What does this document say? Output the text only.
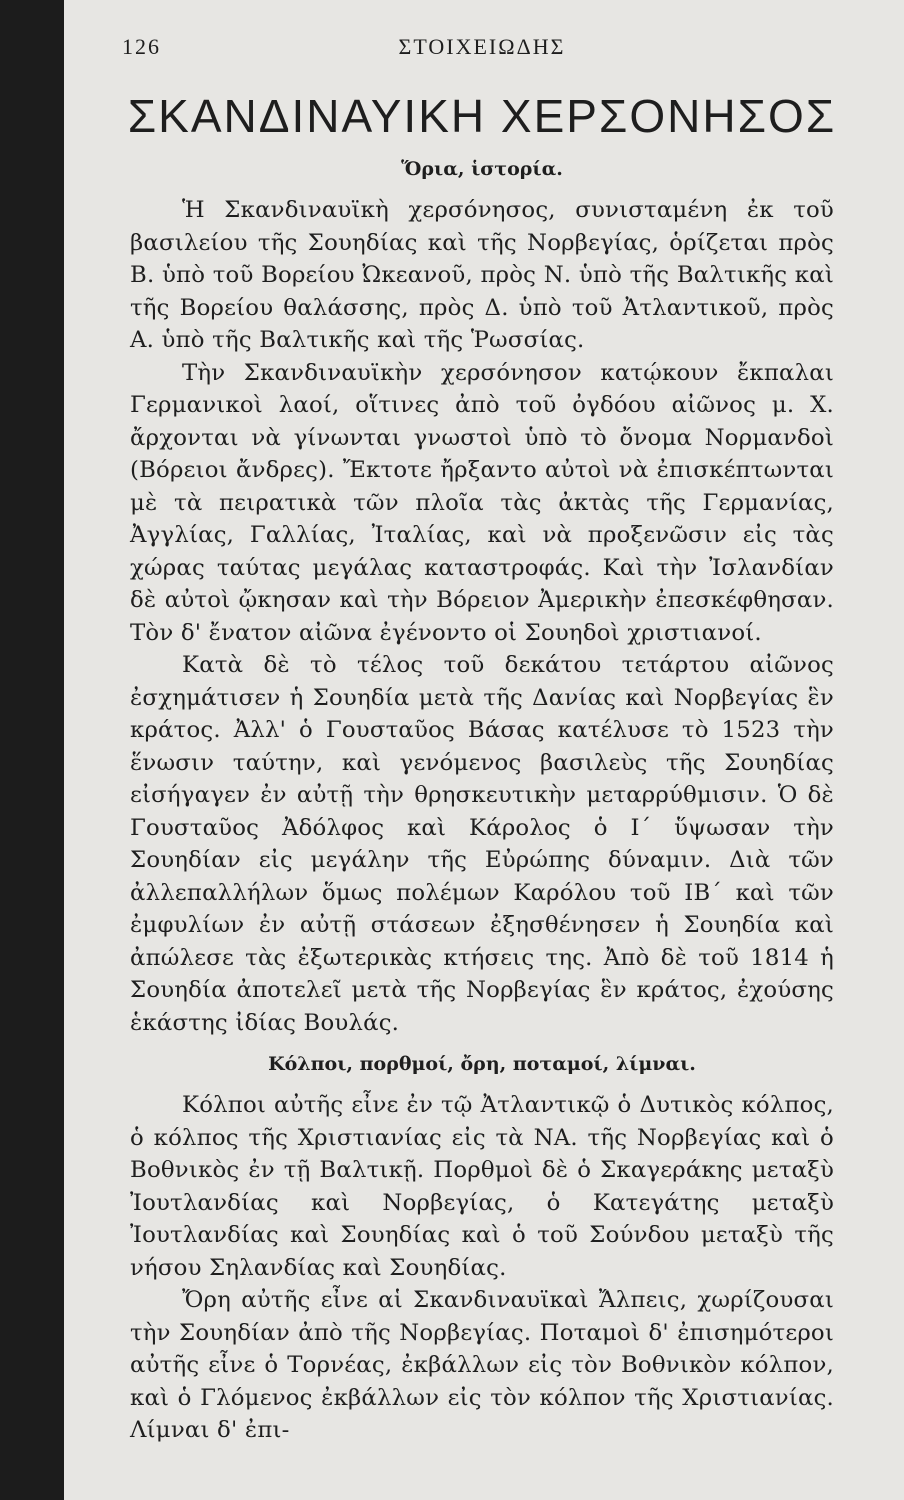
126	ΣΤΟΙΧΕΙΩΔΗΣ
ΣΚΑΝΔΙΝΑΥΙΚΗ ΧΕΡΣΟΝΗΣΟΣ
Ὅρια, ἱστορία.

Ἡ Σκανδιναυϊκὴ χερσόνησος, συνισταμένη ἐκ τοῦ βασιλείου τῆς Σουηδίας καὶ τῆς Νορβεγίας, ὁρίζεται πρὸς Β. ὑπὸ τοῦ Βορείου Ὠκεανοῦ, πρὸς Ν. ὑπὸ τῆς Βαλτικῆς καὶ τῆς Βορείου θαλάσσης, πρὸς Δ. ὑπὸ τοῦ Ἀτλαντικοῦ, πρὸς Α. ὑπὸ τῆς Βαλτικῆς καὶ τῆς Ῥωσσίας.

Τὴν Σκανδιναυϊκὴν χερσόνησον κατῴκουν ἔκπαλαι Γερμανικοὶ λαοί, οἵτινες ἀπὸ τοῦ ὀγδόου αἰῶνος μ. Χ. ἄρχονται νὰ γίνωνται γνωστοὶ ὑπὸ τὸ ὄνομα Νορμανδοὶ (Βόρειοι ἄνδρες). Ἔκτοτε ἤρξαντο αὐτοὶ νὰ ἐπισκέπτωνται μὲ τὰ πειρατικὰ τῶν πλοῖα τὰς ἀκτὰς τῆς Γερμανίας, Ἀγγλίας, Γαλλίας, Ἰταλίας, καὶ νὰ προξενῶσιν εἰς τὰς χώρας ταύτας μεγάλας καταστροφάς. Καὶ τὴν Ἰσλανδίαν δὲ αὐτοὶ ᾤκησαν καὶ τὴν Βόρειον Ἀμερικὴν ἐπεσκέφθησαν. Τὸν δ' ἔνατον αἰῶνα ἐγένοντο οἱ Σουηδοὶ χριστιανοί.

Κατὰ δὲ τὸ τέλος τοῦ δεκάτου τετάρτου αἰῶνος ἐσχημάτισεν ἡ Σουηδία μετὰ τῆς Δανίας καὶ Νορβεγίας ἓν κράτος. Ἀλλ' ὁ Γουσταῦος Βάσας κατέλυσε τὸ 1523 τὴν ἕνωσιν ταύτην, καὶ γενόμενος βασιλεὺς τῆς Σουηδίας εἰσήγαγεν ἐν αὐτῇ τὴν θρησκευτικὴν μεταρρύθμισιν. Ὁ δὲ Γουσταῦος Ἀδόλφος καὶ Κάρολος ὁ Ι΄ ὕψωσαν τὴν Σουηδίαν εἰς μεγάλην τῆς Εὐρώπης δύναμιν. Διὰ τῶν ἀλλεπαλλήλων ὅμως πολέμων Καρόλου τοῦ ΙΒ΄ καὶ τῶν ἐμφυλίων ἐν αὐτῇ στάσεων ἐξησθένησεν ἡ Σουηδία καὶ ἀπώλεσε τὰς ἐξωτερικὰς κτήσεις της. Ἀπὸ δὲ τοῦ 1814 ἡ Σουηδία ἀποτελεῖ μετὰ τῆς Νορβεγίας ἓν κράτος, ἐχούσης ἑκάστης ἰδίας Βουλάς.

Κόλποι, πορθμοί, ὄρη, ποταμοί, λίμναι.

Κόλποι αὐτῆς εἶνε ἐν τῷ Ἀτλαντικῷ ὁ Δυτικὸς κόλπος, ὁ κόλπος τῆς Χριστιανίας εἰς τὰ ΝΑ. τῆς Νορβεγίας καὶ ὁ Βοθνικὸς ἐν τῇ Βαλτικῇ. Πορθμοὶ δὲ ὁ Σκαγεράκης μεταξὺ Ἰουτλανδίας καὶ Νορβεγίας, ὁ Κατεγάτης μεταξὺ Ἰουτλανδίας καὶ Σουηδίας καὶ ὁ τοῦ Σούνδου μεταξὺ τῆς νήσου Σηλανδίας καὶ Σουηδίας.

Ὄρη αὐτῆς εἶνε αἱ Σκανδιναυϊκαὶ Ἄλπεις, χωρίζουσαι τὴν Σουηδίαν ἀπὸ τῆς Νορβεγίας. Ποταμοὶ δ' ἐπισημότεροι αὐτῆς εἶνε ὁ Τορνέας, ἐκβάλλων εἰς τὸν Βοθνικὸν κόλπον, καὶ ὁ Γλόμενος ἐκβάλλων εἰς τὸν κόλπον τῆς Χριστιανίας. Λίμναι δ' ἐπι-
